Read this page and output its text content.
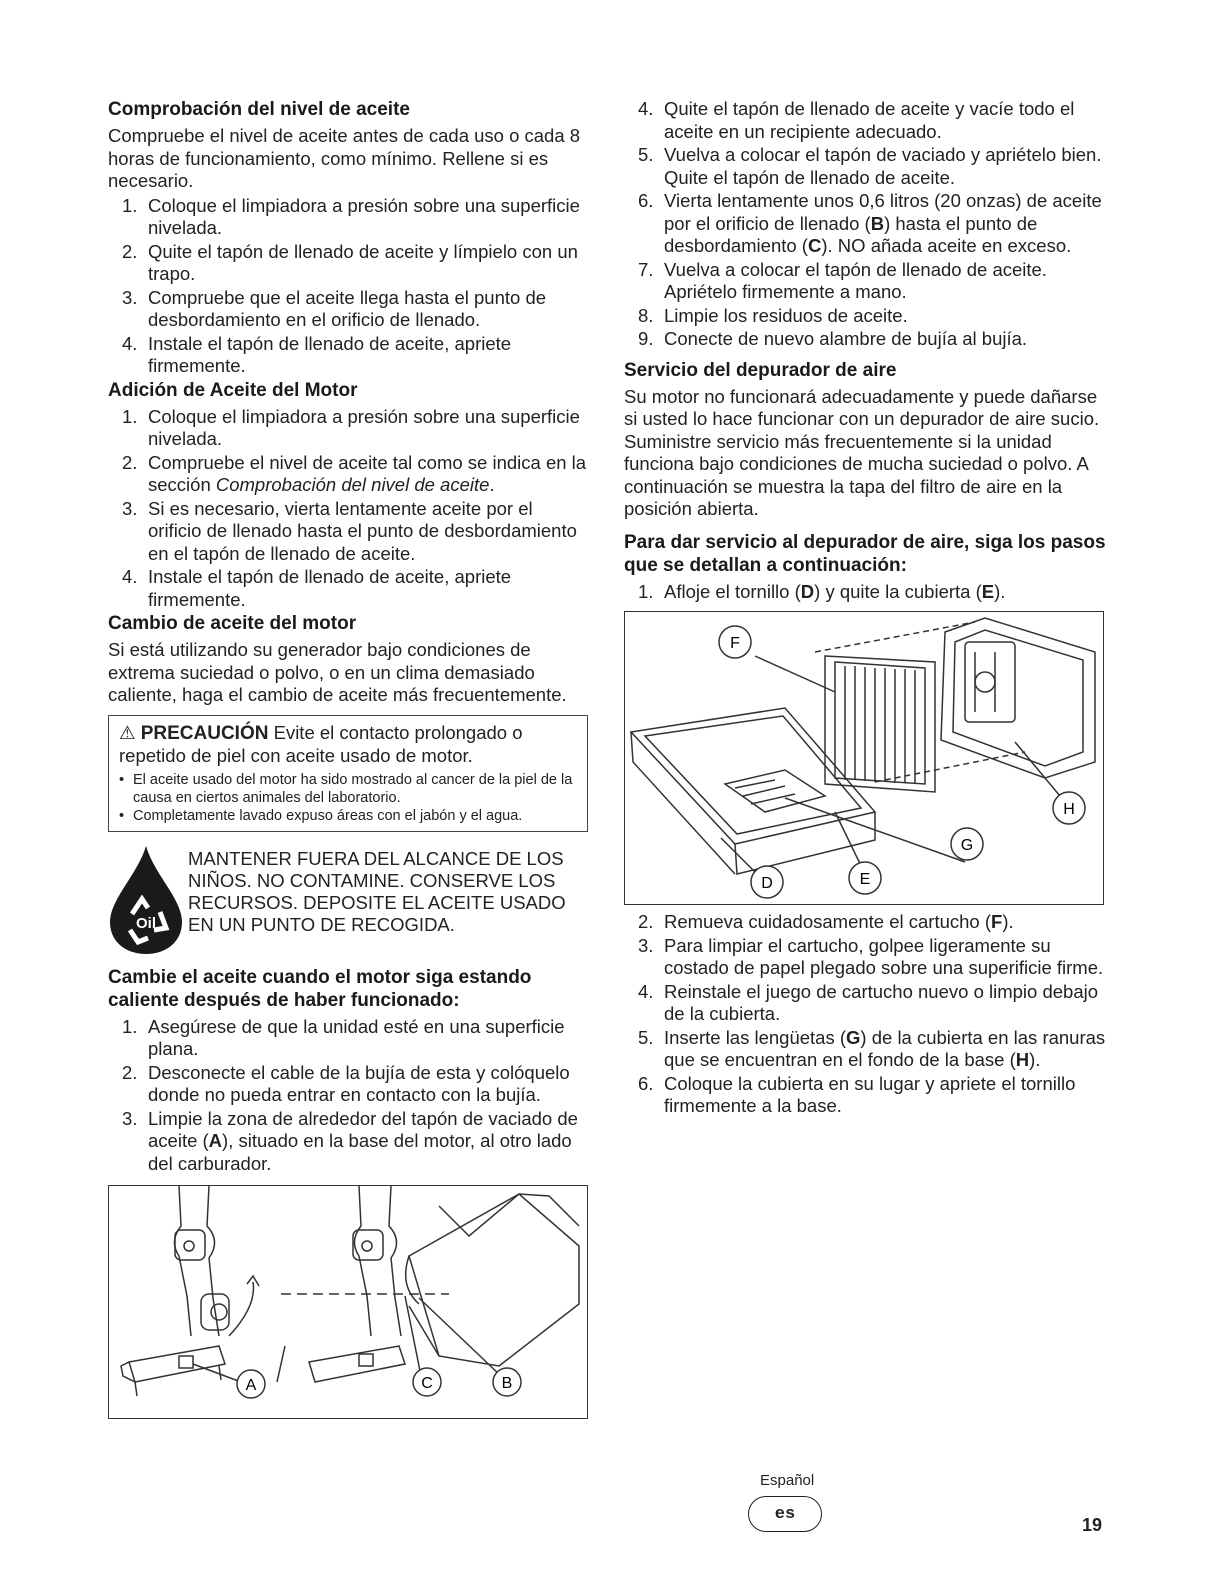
Comprobación del nivel de aceite

Compruebe el nivel de aceite antes de cada uso o cada 8 horas de funcionamiento, como mínimo. Rellene si es necesario.

1. Coloque el limpiadora a presión sobre una superficie nivelada.
2. Quite el tapón de llenado de aceite y límpielo con un trapo.
3. Compruebe que el aceite llega hasta el punto de desbordamiento en el orificio de llenado.
4. Instale el tapón de llenado de aceite, apriete firmemente.
Adición de Aceite del Motor
1. Coloque el limpiadora a presión sobre una superficie nivelada.
2. Compruebe el nivel de aceite tal como se indica en la sección Comprobación del nivel de aceite.
3. Si es necesario, vierta lentamente aceite por el orificio de llenado hasta el punto de desbordamiento en el tapón de llenado de aceite.
4. Instale el tapón de llenado de aceite, apriete firmemente.
Cambio de aceite del motor

Si está utilizando su generador bajo condiciones de extrema suciedad o polvo, o en un clima demasiado caliente, haga el cambio de aceite más frecuentemente.

⚠ PRECAUCIÓN Evite el contacto prolongado o repetido de piel con aceite usado de motor.
• El aceite usado del motor ha sido mostrado al cancer de la piel de la causa en ciertos animales del laboratorio.
• Completamente lavado expuso áreas con el jabón y el agua.
Oil
MANTENER FUERA DEL ALCANCE DE LOS NIÑOS. NO CONTAMINE. CONSERVE LOS RECURSOS. DEPOSITE EL ACEITE USADO EN UN PUNTO DE RECOGIDA.
Cambie el aceite cuando el motor siga estando caliente después de haber funcionado:
1. Asegúrese de que la unidad esté en una superficie plana.
2. Desconecte el cable de la bujía de esta y colóquelo donde no pueda entrar en contacto con la bujía.
3. Limpie la zona de alrededor del tapón de vaciado de aceite (A), situado en la base del motor, al otro lado del carburador.
A	C	B
4. Quite el tapón de llenado de aceite y vacíe todo el aceite en un recipiente adecuado.
5. Vuelva a colocar el tapón de vaciado y apriételo bien. Quite el tapón de llenado de aceite.
6. Vierta lentamente unos 0,6 litros (20 onzas) de aceite por el orificio de llenado (B) hasta el punto de desbordamiento (C). NO añada aceite en exceso.
7. Vuelva a colocar el tapón de llenado de aceite. Apriételo firmemente a mano.
8. Limpie los residuos de aceite.
9. Conecte de nuevo alambre de bujía al bujía.
Servicio del depurador de aire

Su motor no funcionará adecuadamente y puede dañarse si usted lo hace funcionar con un depurador de aire sucio. Suministre servicio más frecuentemente si la unidad funciona bajo condiciones de mucha suciedad o polvo. A continuación se muestra la tapa del filtro de aire en la posición abierta.

Para dar servicio al depurador de aire, siga los pasos que se detallan a continuación:
1. Afloje el tornillo (D) y quite la cubierta (E).
F
H
G
D	E
2. Remueva cuidadosamente el cartucho (F).
3. Para limpiar el cartucho, golpee ligeramente su costado de papel plegado sobre una superificie firme.
4. Reinstale el juego de cartucho nuevo o limpio debajo de la cubierta.
5. Inserte las lengüetas (G) de la cubierta en las ranuras que se encuentran en el fondo de la base (H).
6. Coloque la cubierta en su lugar y apriete el tornillo firmemente a la base.
Español
es
19
